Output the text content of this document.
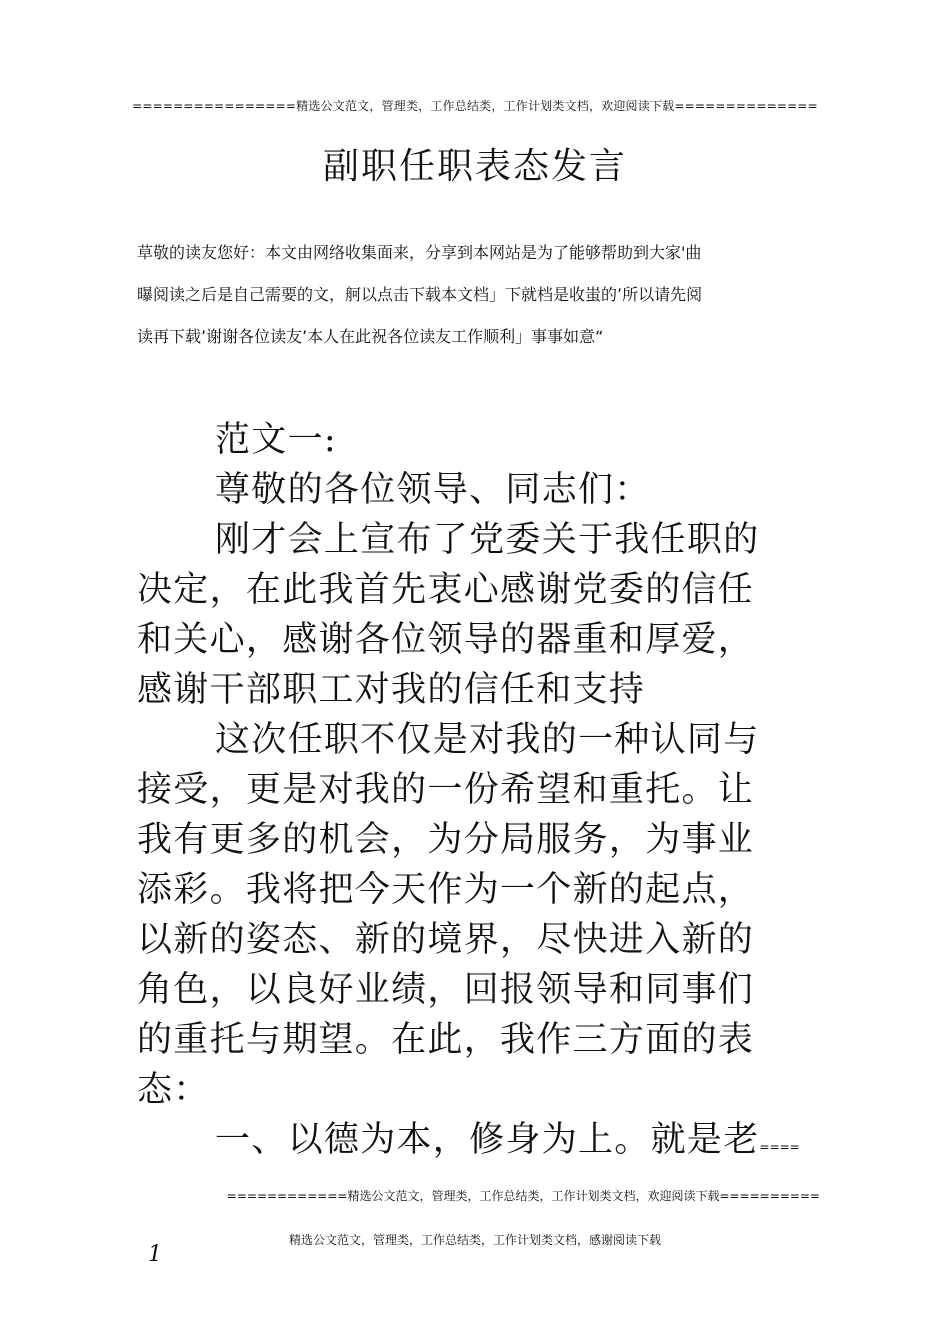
================精选公文范文，管理类，工作总结类，工作计划类文档，欢迎阅读下载==============
副职任职表态发言
草敬的读友您好：本文由网络收集面来，分享到本网站是为了能够帮助到大家'曲
曝阅读之后是自己需要的文，舸以点击下载本文档」下就档是收蚩的’所以请先阅
读再下载’谢谢各位读友’本人在此祝各位读友工作顺利」事事如意“
范文一:
尊敬的各位领导、同志们：
刚才会上宣布了党委关于我任职的
决定，在此我首先衷心感谢党委的信任
和关心，感谢各位领导的器重和厚爱，
感谢干部职工对我的信任和支持
这次任职不仅是对我的一种认同与
接受，更是对我的一份希望和重托。让
我有更多的机会，为分局服务，为事业
添彩。我将把今天作为一个新的起点，
以新的姿态、新的境界，尽快进入新的
角色，以良好业绩，回报领导和同事们
的重托与期望。在此，我作三方面的表
态：
一、以德为本，修身为上。就是老====
============精选公文范文，管理类，工作总结类，工作计划类文档，欢迎阅读下载==========
精选公文范文，管理类，工作总结类，工作计划类文档，感谢阅读下载
1
